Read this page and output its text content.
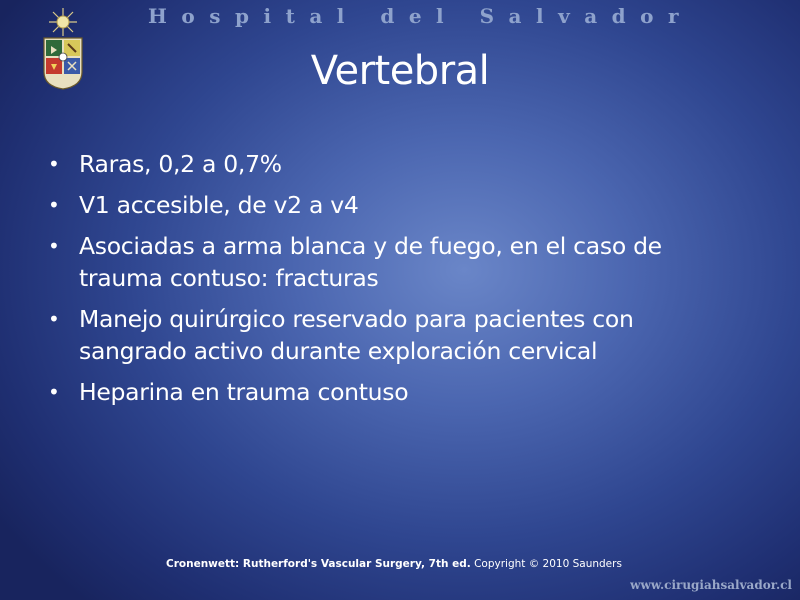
Hospital del Salvador
Vertebral
• Raras, 0,2 a 0,7%
• V1 accesible, de v2 a v4
• Asociadas a arma blanca y de fuego, en el caso de trauma contuso: fracturas
• Manejo quirúrgico reservado para pacientes con sangrado activo durante exploración cervical
• Heparina en trauma contuso
Cronenwett: Rutherford's Vascular Surgery, 7th ed. Copyright © 2010 Saunders
www.cirugiahsalvador.cl
